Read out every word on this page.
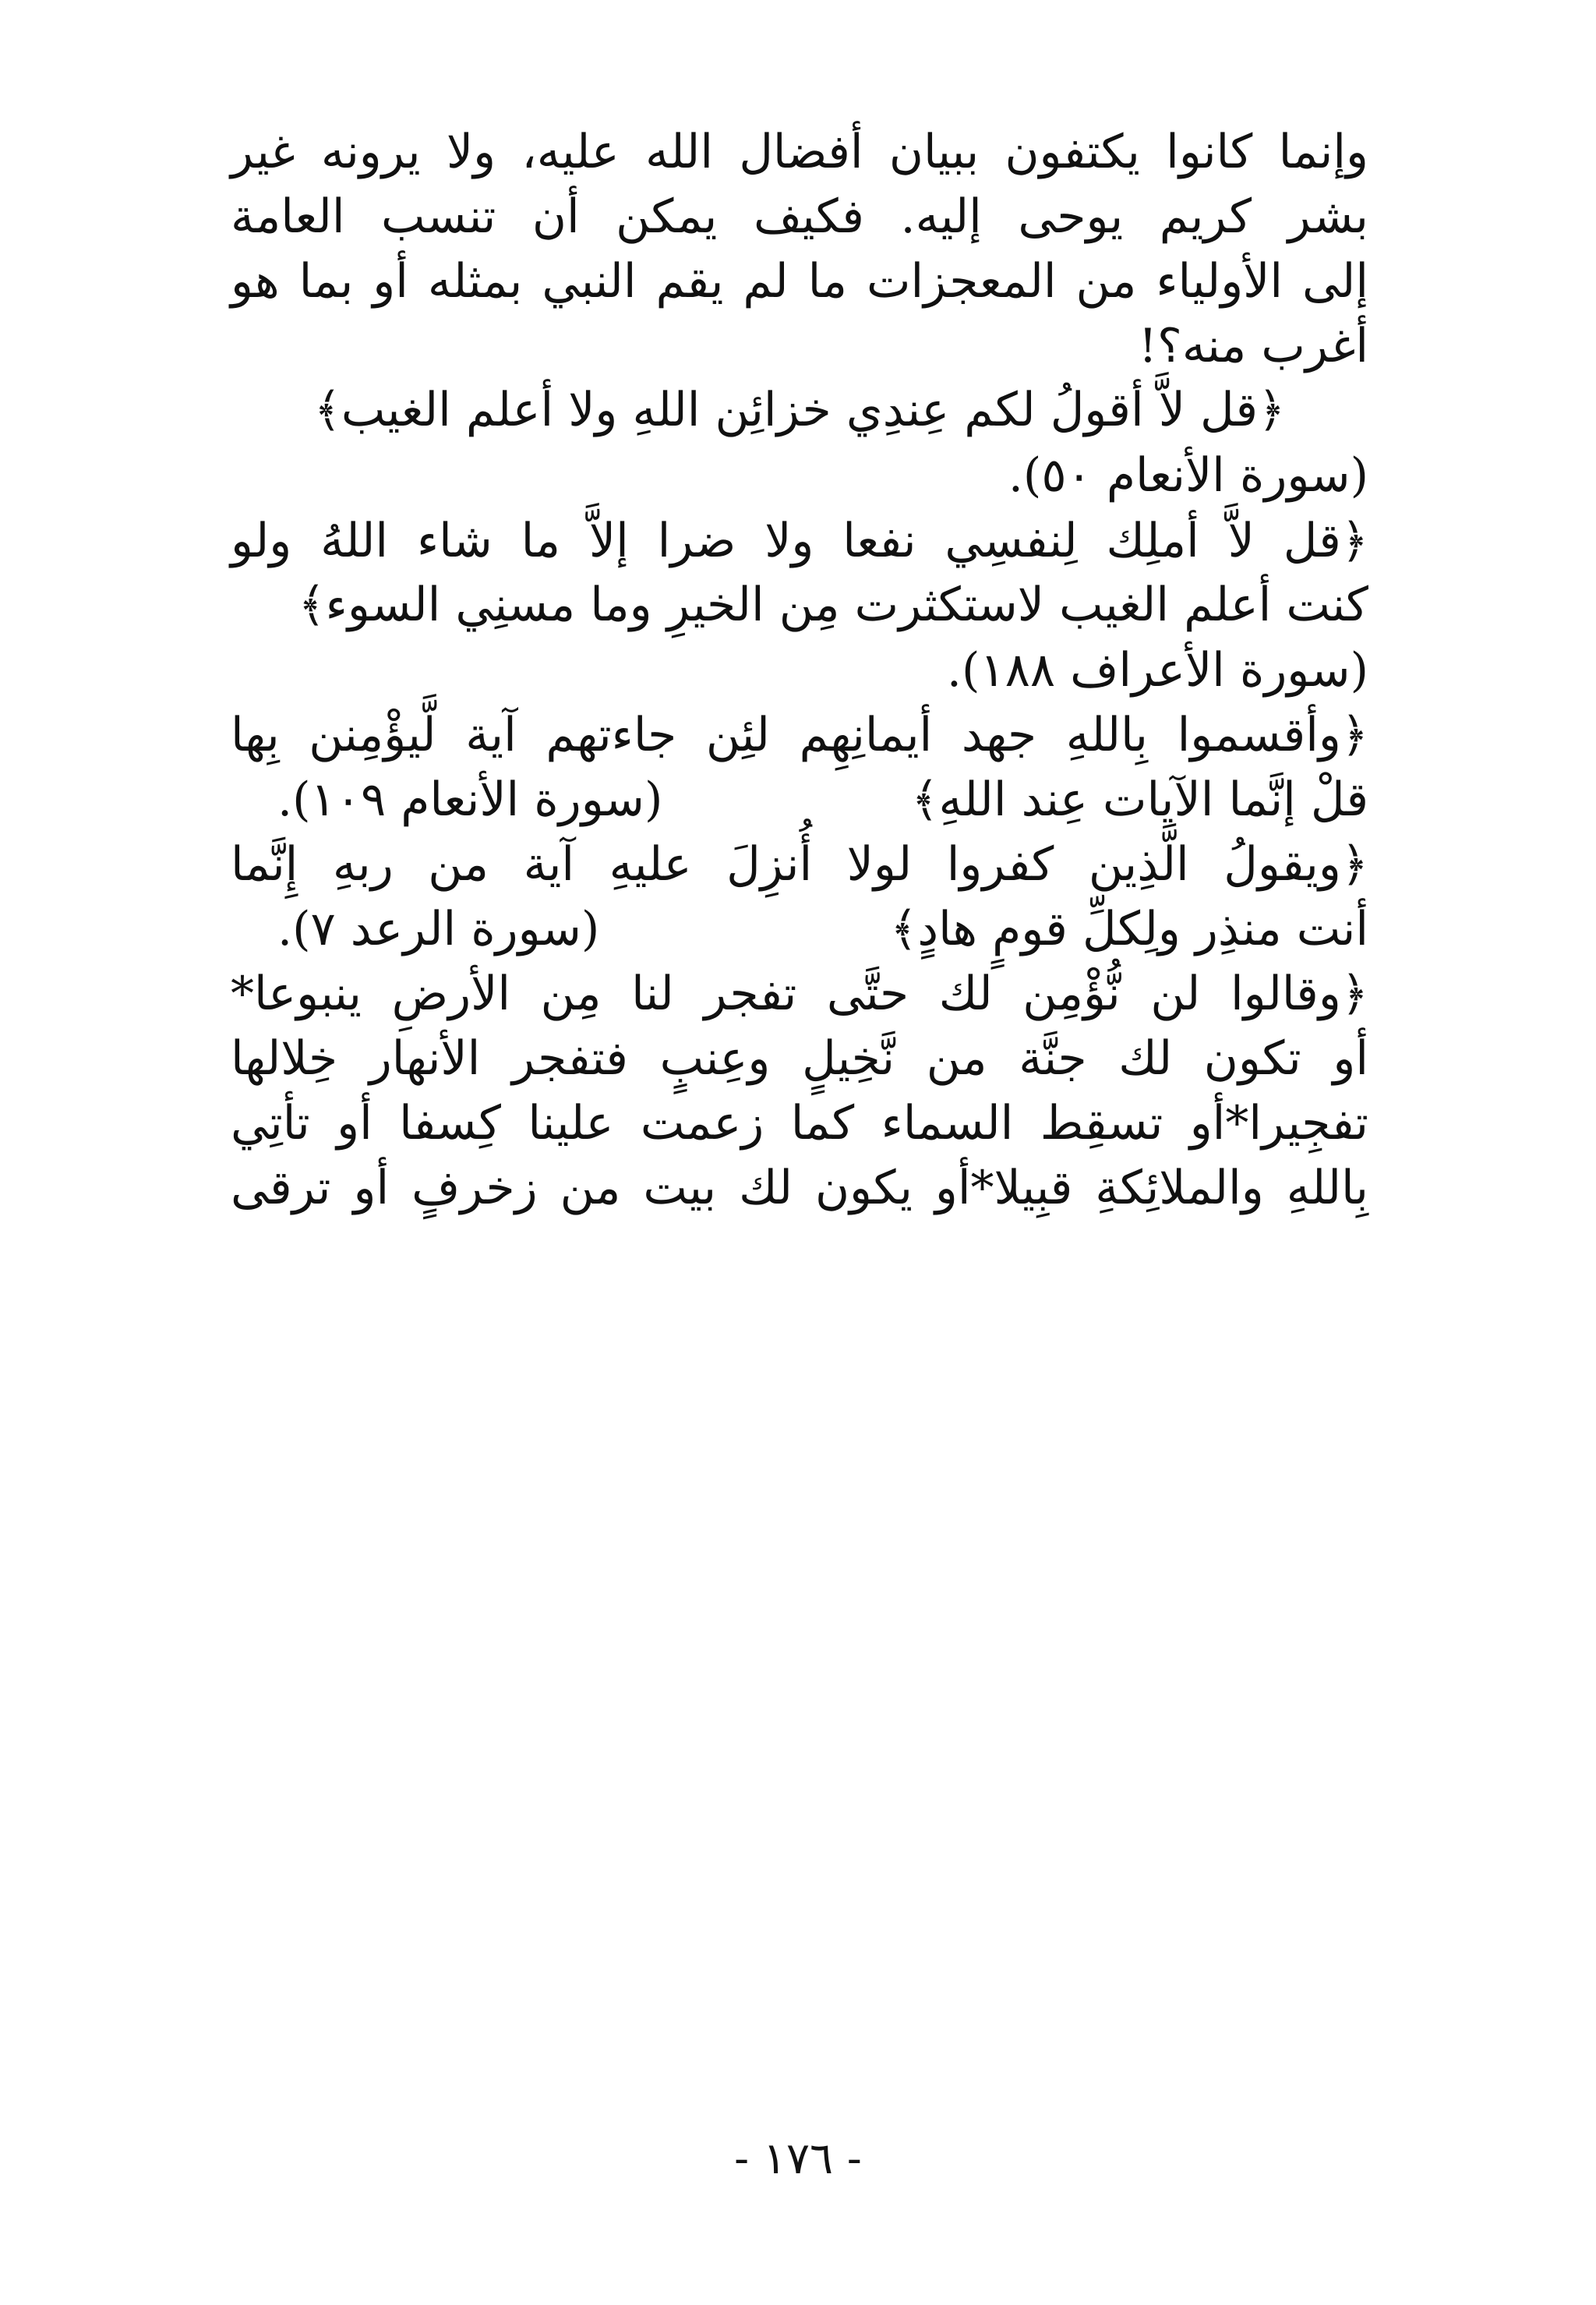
وإنما كانوا يكتفون ببيان أفضال الله عليه، ولا يرونه غير
بشر كريم يوحى إليه. فكيف يمكن أن تنسب العامة
إلى الأولياء من المعجزات ما لم يقم النبي بمثله أو بما هو
أغرب منه؟!
﴿قل لاَّ أقولُ لكم عِندِي خزائِن اللهِ ولا أعلم الغيب﴾
(سورة الأنعام ٥٠).
﴿قل لاَّ أملِك لِنفسِي نفعا ولا ضرا إلاَّ ما شاء اللهُ ولو
كنت أعلم الغيب لاستكثرت مِن الخيرِ وما مسنِي السوء﴾
(سورة الأعراف ١٨٨).
﴿وأقسموا بِاللهِ جهد أيمانِهِم لئِن جاءتهم آية لَّيؤْمِنن بِها
قلْ إنَّما الآيات عِند اللهِ﴾
(سورة الأنعام ١٠٩).
﴿ويقولُ الَّذِين كفروا لولا أُنزِلَ عليهِ آية من ربهِ إِنَّما
أنت منذِر ولِكلِّ قومٍ هادٍ﴾
(سورة الرعد ٧).
﴿وقالوا لن نُّؤْمِن لك حتَّى تفجر لنا مِن الأرضِ ينبوعا*
أو تكون لك جنَّة من نَّخِيلٍ وعِنبٍ فتفجر الأنهار خِلالها
تفجِيرا*أو تسقِط السماء كما زعمت علينا كِسفا أو تأتِي
بِاللهِ والملائِكةِ قبِيلا*أو يكون لك بيت من زخرفٍ أو ترقى
- ١٧٦ -
